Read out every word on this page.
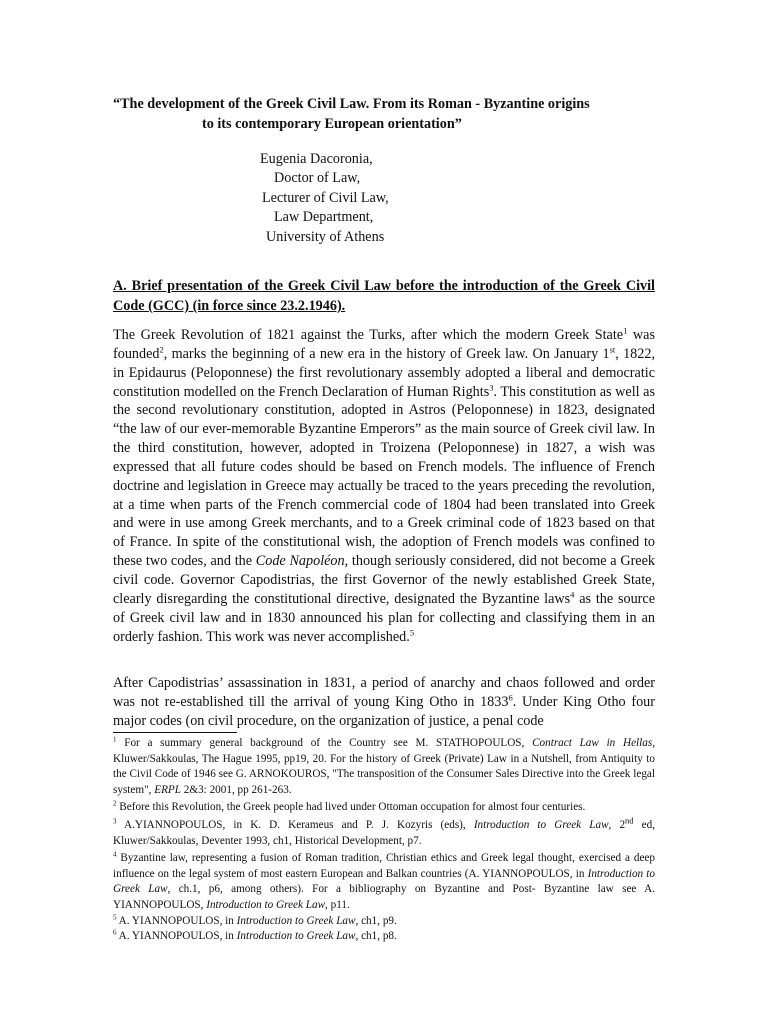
“The development of the Greek Civil Law. From its Roman - Byzantine origins
to its contemporary European orientation”

Eugenia Dacoronia,
Doctor of Law,
Lecturer of Civil Law,
Law Department,
University of Athens

A. Brief presentation of the Greek Civil Law before the introduction of the Greek Civil Code (GCC) (in force since 23.2.1946).

The Greek Revolution of 1821 against the Turks, after which the modern Greek State$^1$ was founded$^2$, marks the beginning of a new era in the history of Greek law. On January 1st, 1822, in Epidaurus (Peloponnese) the first revolutionary assembly adopted a liberal and democratic constitution modelled on the French Declaration of Human Rights$^3$. This constitution as well as the second revolutionary constitution, adopted in Astros (Peloponnese) in 1823, designated “the law of our ever-memorable Byzantine Emperors” as the main source of Greek civil law. In the third constitution, however, adopted in Troizena (Peloponnese) in 1827, a wish was expressed that all future codes should be based on French models. The influence of French doctrine and legislation in Greece may actually be traced to the years preceding the revolution, at a time when parts of the French commercial code of 1804 had been translated into Greek and were in use among Greek merchants, and to a Greek criminal code of 1823 based on that of France. In spite of the constitutional wish, the adoption of French models was confined to these two codes, and the Code Napoléon, though seriously considered, did not become a Greek civil code. Governor Capodistrias, the first Governor of the newly established Greek State, clearly disregarding the constitutional directive, designated the Byzantine laws$^4$ as the source of Greek civil law and in 1830 announced his plan for collecting and classifying them in an orderly fashion. This work was never accomplished.$^5$

After Capodistrias’ assassination in 1831, a period of anarchy and chaos followed and order was not re-established till the arrival of young King Otho in 1833$^6$. Under King Otho four major codes (on civil procedure, on the organization of justice, a penal code

$^1$ For a summary general background of the Country see M. STATHOPOULOS, Contract Law in Hellas, Kluwer/Sakkoulas, The Hague 1995, pp19, 20. For the history of Greek (Private) Law in a Nutshell, from Antiquity to the Civil Code of 1946 see G. ARNOKOUROS, "The transposition of the Consumer Sales Directive into the Greek legal system", ERPL 2&3: 2001, pp 261-263.

$^2$ Before this Revolution, the Greek people had lived under Ottoman occupation for almost four centuries.

$^3$ A.YIANNOPOULOS, in K. D. Kerameus and P. J. Kozyris (eds), Introduction to Greek Law, 2nd ed, Kluwer/Sakkoulas, Deventer 1993, ch1, Historical Development, p7.

$^4$ Byzantine law, representing a fusion of Roman tradition, Christian ethics and Greek legal thought, exercised a deep influence on the legal system of most eastern European and Balkan countries (A. YIANNOPOULOS, in Introduction to Greek Law, ch.1, p6, among others). For a bibliography on Byzantine and Post- Byzantine law see A. YIANNOPOULOS, Introduction to Greek Law, p11.

$^5$ A. YIANNOPOULOS, in Introduction to Greek Law, ch1, p9.

$^6$ A. YIANNOPOULOS, in Introduction to Greek Law, ch1, p8.
